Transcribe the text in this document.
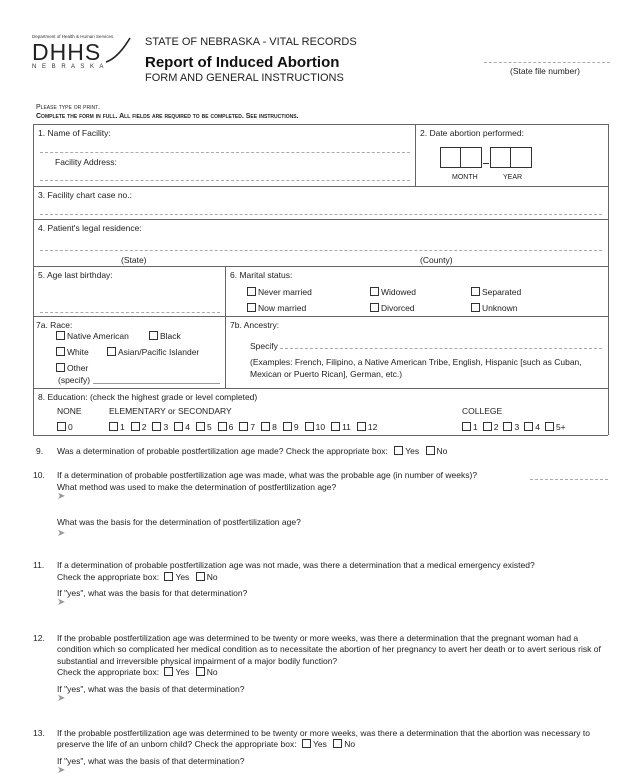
Department of Health & Human Services
DHHS
N E B R A S K A
STATE OF NEBRASKA - VITAL RECORDS
Report of Induced Abortion
FORM AND GENERAL INSTRUCTIONS
(State file number)
Please type or print.
Complete the form in full. All fields are required to be completed. See instructions.
1. Name of Facility:
Facility Address:
2. Date abortion performed:
MONTH	YEAR
3. Facility chart case no.:
4. Patient's legal residence:
(State)	(County)
5. Age last birthday:	6. Marital status:
Never married	Widowed	Separated
Now married	Divorced	Unknown
7a. Race:
Native American	Black
White	Asian/Pacific Islander
Other
(specify)
7b. Ancestry:
Specify
(Examples: French, Filipino, a Native American Tribe, English, Hispanic [such as Cuban, Mexican or Puerto Rican], German, etc.)
8. Education: (check the highest grade or level completed)
NONE	ELEMENTARY or SECONDARY	COLLEGE
0	1	2	3	4	5	6	7	8	9	10	11	12	1	2	3	4	5+
9. Was a determination of probable postfertilization age made? Check the appropriate box: Yes No
10. If a determination of probable postfertilization age was made, what was the probable age (in number of weeks)?
What method was used to make the determination of postfertilization age?
➤
What was the basis for the determination of postfertilization age?
➤
11. If a determination of probable postfertilization age was not made, was there a determination that a medical emergency existed?
Check the appropriate box: Yes No
If "yes", what was the basis for that determination?
➤
12. If the probable postfertilization age was determined to be twenty or more weeks, was there a determination that the pregnant woman had a condition which so complicated her medical condition as to necessitate the abortion of her pregnancy to avert her death or to avert serious risk of substantial and irreversible physical impairment of a major bodily function?
Check the appropriate box: Yes No
If "yes", what was the basis of that determination?
➤
13. If the probable postfertilization age was determined to be twenty or more weeks, was there a determination that the abortion was necessary to preserve the life of an unborn child? Check the appropriate box: Yes No
If "yes", what was the basis of that determination?
➤
